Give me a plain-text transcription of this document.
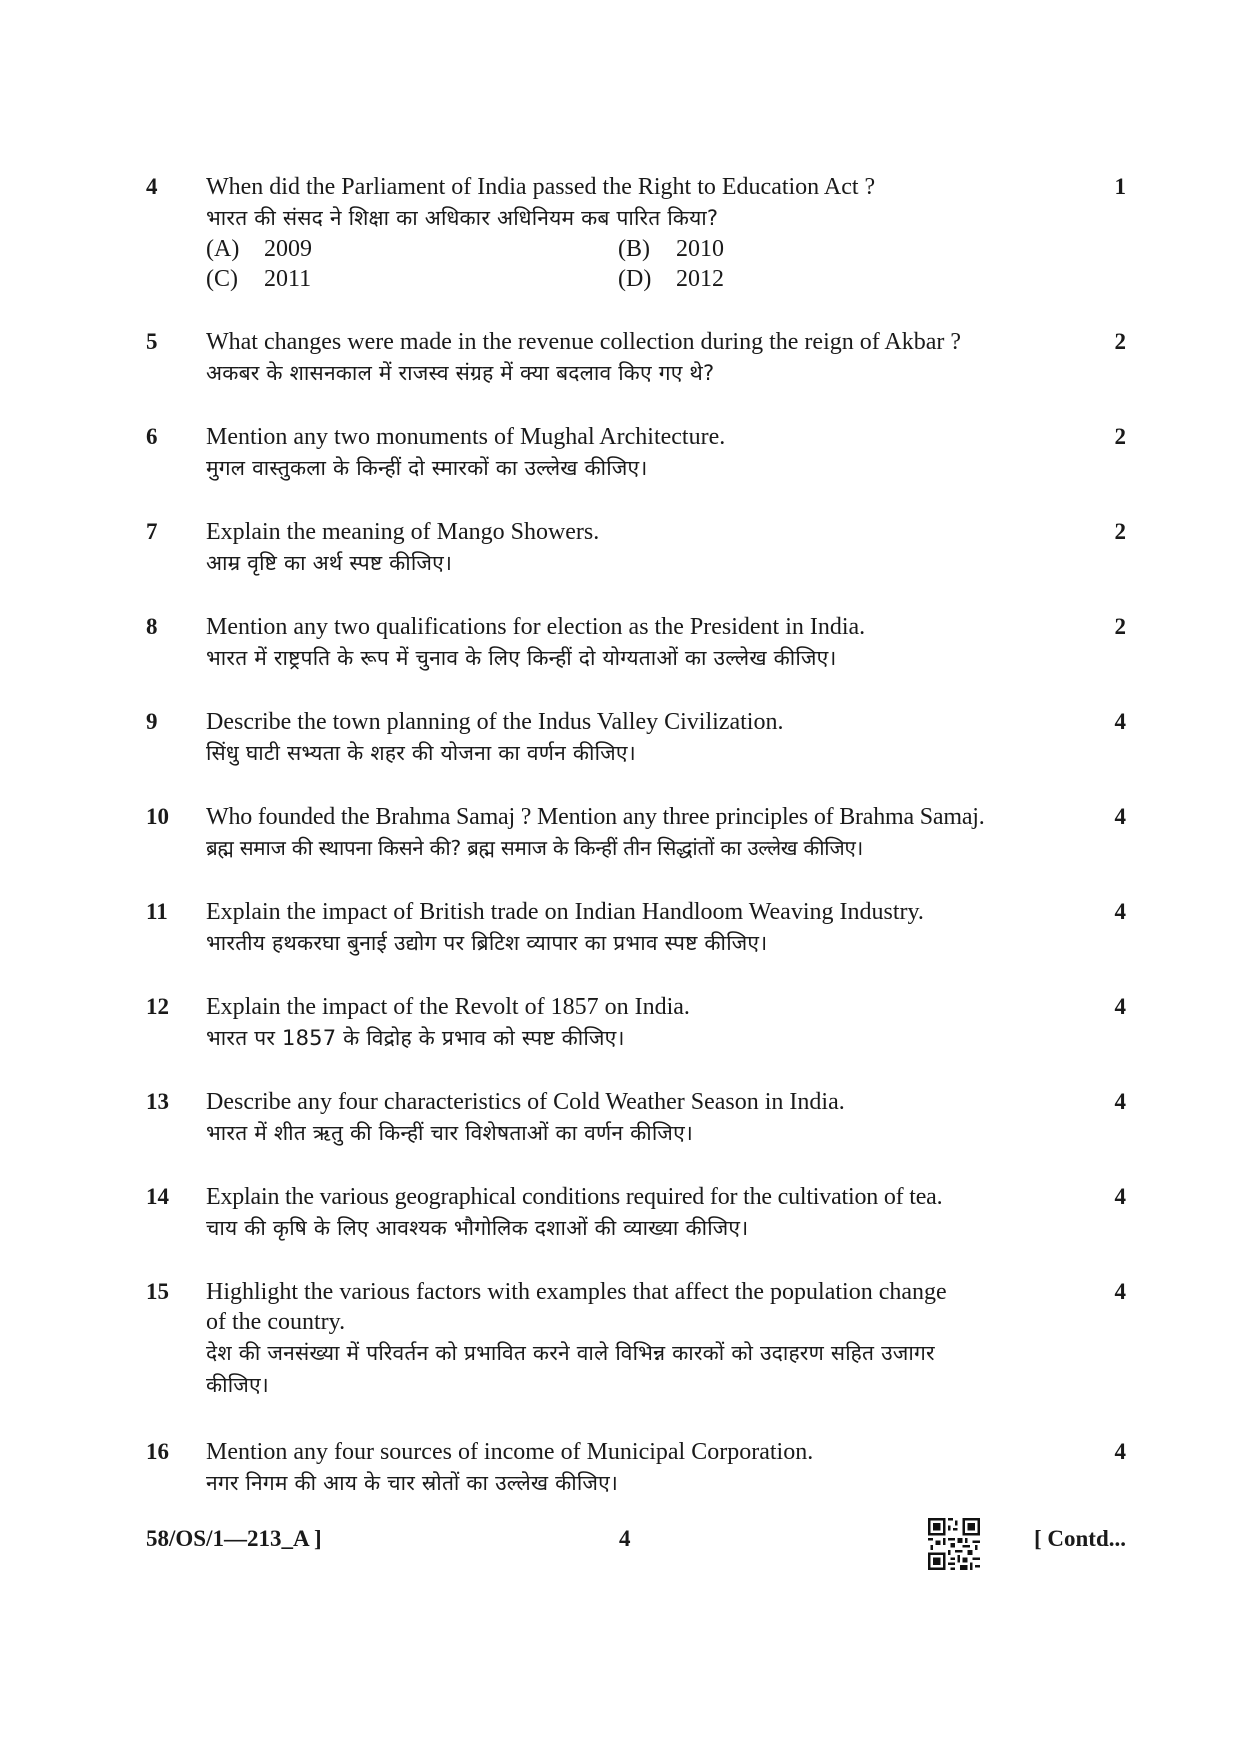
4	When did the Parliament of India passed the Right to Education Act ?
भारत की संसद ने शिक्षा का अधिकार अधिनियम कब पारित किया?
(A)	2009	(B)	2010
(C)	2011	(D)	2012
1
5	What changes were made in the revenue collection during the reign of Akbar ?
अकबर के शासनकाल में राजस्व संग्रह में क्या बदलाव किए गए थे?
2
6	Mention any two monuments of Mughal Architecture.
मुगल वास्तुकला के किन्हीं दो स्मारकों का उल्लेख कीजिए।
2
7	Explain the meaning of Mango Showers.
आम्र वृष्टि का अर्थ स्पष्ट कीजिए।
2
8	Mention any two qualifications for election as the President in India.
भारत में राष्ट्रपति के रूप में चुनाव के लिए किन्हीं दो योग्यताओं का उल्लेख कीजिए।
2
9	Describe the town planning of the Indus Valley Civilization.
सिंधु घाटी सभ्यता के शहर की योजना का वर्णन कीजिए।
4
10	Who founded the Brahma Samaj ? Mention any three principles of Brahma Samaj.
ब्रह्म समाज की स्थापना किसने की? ब्रह्म समाज के किन्हीं तीन सिद्धांतों का उल्लेख कीजिए।
4
11	Explain the impact of British trade on Indian Handloom Weaving Industry.
भारतीय हथकरघा बुनाई उद्योग पर ब्रिटिश व्यापार का प्रभाव स्पष्ट कीजिए।
4
12	Explain the impact of the Revolt of 1857 on India.
भारत पर 1857 के विद्रोह के प्रभाव को स्पष्ट कीजिए।
4
13	Describe any four characteristics of Cold Weather Season in India.
भारत में शीत ऋतु की किन्हीं चार विशेषताओं का वर्णन कीजिए।
4
14	Explain the various geographical conditions required for the cultivation of tea.
चाय की कृषि के लिए आवश्यक भौगोलिक दशाओं की व्याख्या कीजिए।
4
15	Highlight the various factors with examples that affect the population change of the country.
देश की जनसंख्या में परिवर्तन को प्रभावित करने वाले विभिन्न कारकों को उदाहरण सहित उजागर कीजिए।
4
16	Mention any four sources of income of Municipal Corporation.
नगर निगम की आय के चार स्रोतों का उल्लेख कीजिए।
4
58/OS/1—213_A ]	4	[ Contd...
